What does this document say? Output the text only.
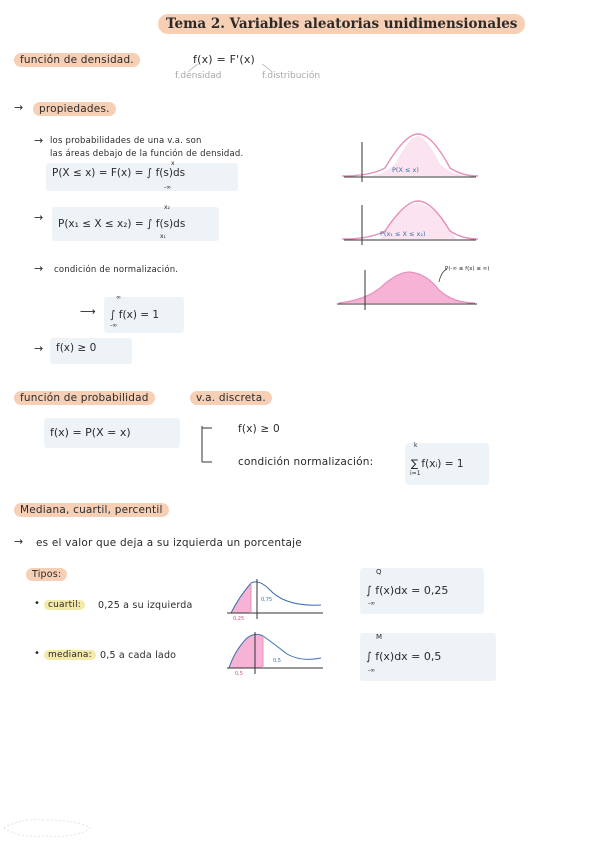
Tema 2. Variables aleatorias unidimensionales
función de densidad.	f(x) = F'(x)
f.densidad	f.distribución
→	propiedades.
→ los probabilidades de una v.a. son
las áreas debajo de la función de densidad.
P(X ≤ x) = F(x) = ∫ f(s)ds
x
-∞
P(X ≤ x)
→	P(x₁ ≤ X ≤ x₂) = ∫ f(s)ds
x₂
x₁	P(x₁ ≤ X ≤ x₂)
→ condición de normalización.
⟶	∫ f(x) = 1
∞
-∞
P(-∞ ≤ f(x) ≤ ∞)
→	f(x) ≥ 0
función de probabilidad	v.a. discreta.
f(x) = P(X = x)	f(x) ≥ 0
condición normalización:	∑ f(xᵢ) = 1
k
i=1
Mediana, cuartil, percentil
→ es el valor que deja a su izquierda un porcentaje
Tipos:
• cuartil:	0,25 a su izquierda	0,75
0,25
∫ f(x)dx = 0,25
Q
-∞
• mediana: 0,5 a cada lado	0,5
0,5
∫ f(x)dx = 0,5
M
-∞
